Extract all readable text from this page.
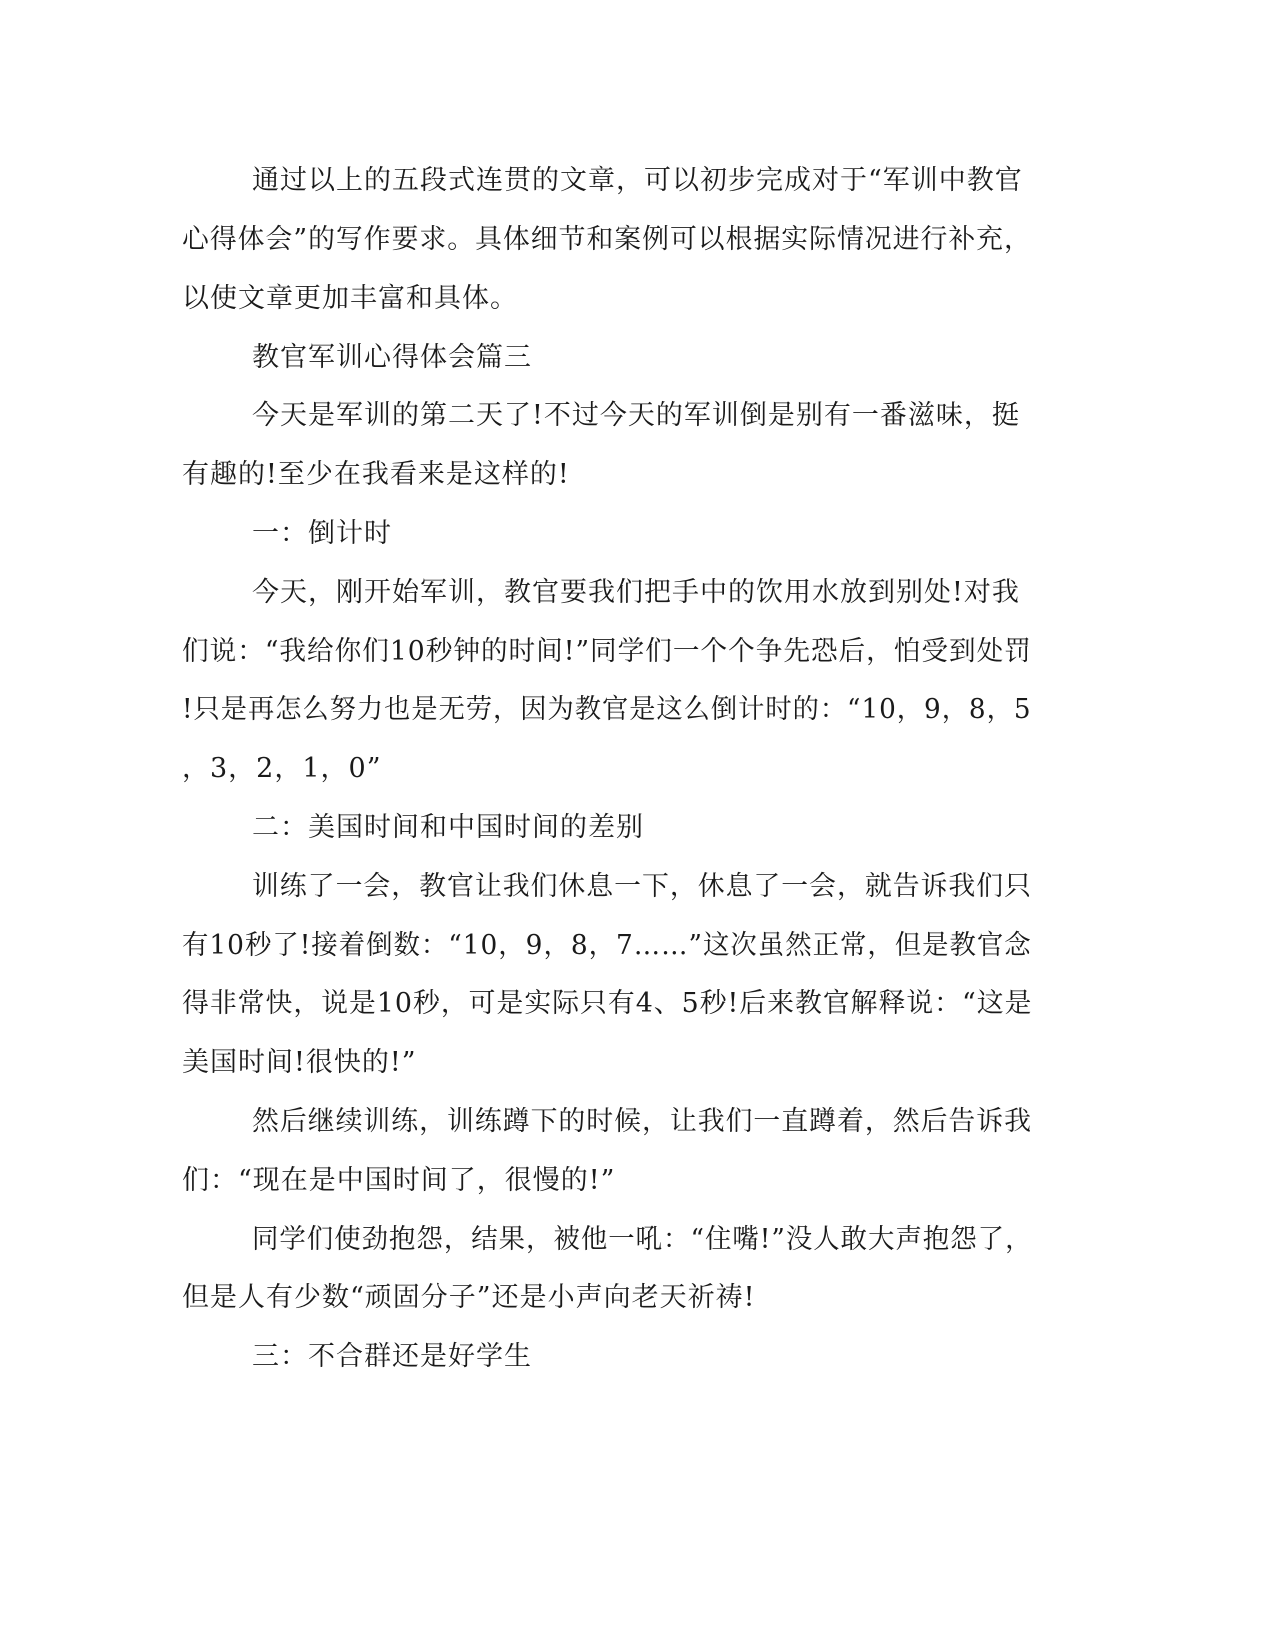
通过以上的五段式连贯的文章，可以初步完成对于“军训中教官
心得体会”的写作要求。具体细节和案例可以根据实际情况进行补充，
以使文章更加丰富和具体。
教官军训心得体会篇三
今天是军训的第二天了!不过今天的军训倒是别有一番滋味，挺
有趣的!至少在我看来是这样的!
一：倒计时
今天，刚开始军训，教官要我们把手中的饮用水放到别处!对我
们说：“我给你们10秒钟的时间!”同学们一个个争先恐后，怕受到处罚
!只是再怎么努力也是无劳，因为教官是这么倒计时的：“10，9，8，5
，3，2，1，0”
二：美国时间和中国时间的差别
训练了一会，教官让我们休息一下，休息了一会，就告诉我们只
有10秒了!接着倒数：“10，9，8，7……”这次虽然正常，但是教官念
得非常快，说是10秒，可是实际只有4、5秒!后来教官解释说：“这是
美国时间!很快的!”
然后继续训练，训练蹲下的时候，让我们一直蹲着，然后告诉我
们：“现在是中国时间了，很慢的!”
同学们使劲抱怨，结果，被他一吼：“住嘴!”没人敢大声抱怨了，
但是人有少数“顽固分子”还是小声向老天祈祷!
三：不合群还是好学生
